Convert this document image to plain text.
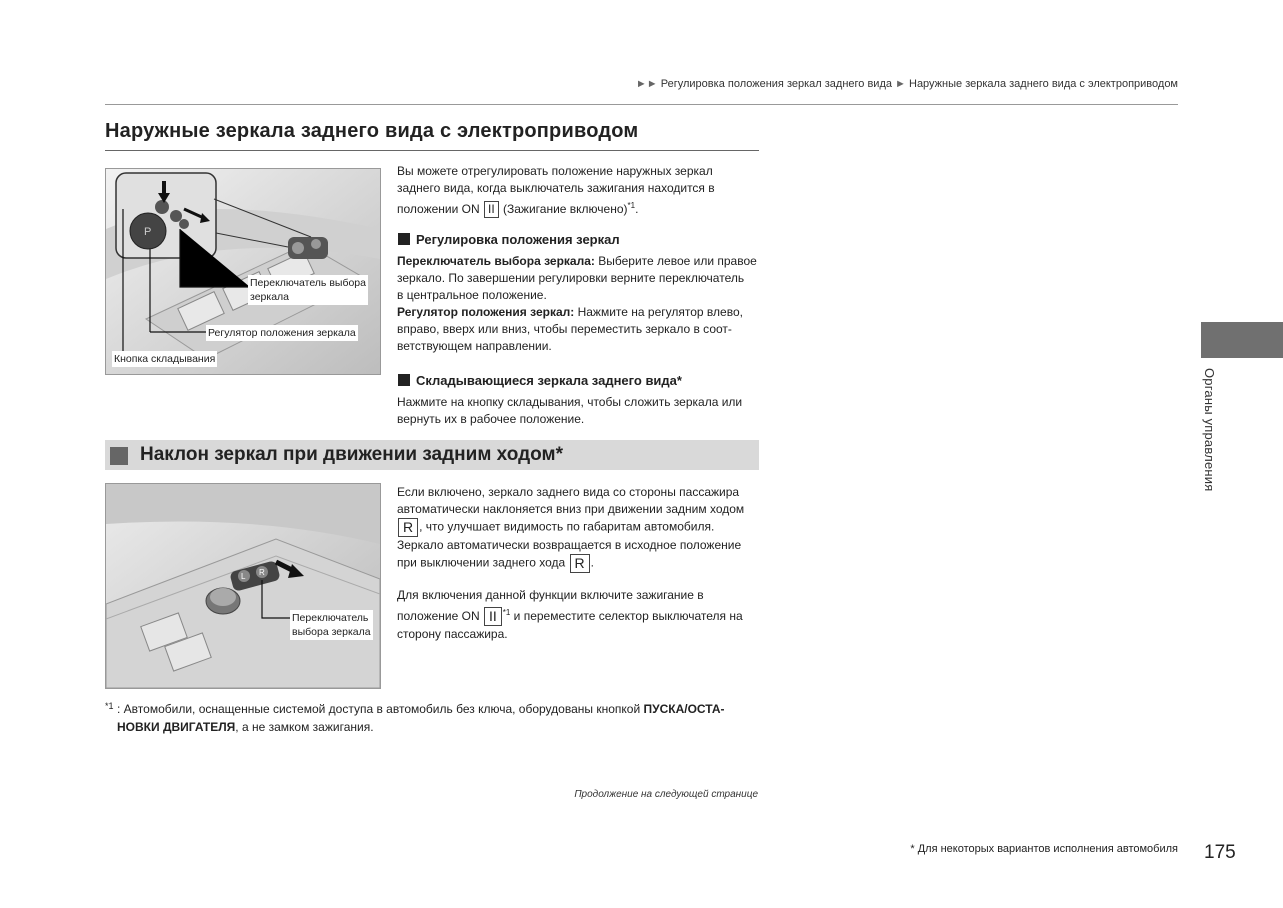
►► Регулировка положения зеркал заднего вида ► Наружные зеркала заднего вида с электроприводом
Наружные зеркала заднего вида с электроприводом
P
Переключатель выбора
зеркала
Регулятор положения зеркала
Кнопка складывания
Вы можете отрегулировать положение наружных зеркал
заднего вида, когда выключатель зажигания находится в
положении ON II (Зажигание включено)$^{*1}$.
Регулировка положения зеркал
Переключатель выбора зеркала: Выберите левое или правое
зеркало. По завершении регулировки верните переключатель
в центральное положение.
Регулятор положения зеркал: Нажмите на регулятор влево,
вправо, вверх или вниз, чтобы переместить зеркало в соот-
ветствующем направлении.
Складывающиеся зеркала заднего вида*
Нажмите на кнопку складывания, чтобы сложить зеркала или
вернуть их в рабочее положение.
Наклон зеркал при движении задним ходом*
L R
Переключатель
выбора зеркала
Если включено, зеркало заднего вида со стороны пассажира
автоматически наклоняется вниз при движении задним ходом
R , что улучшает видимость по габаритам автомобиля.
Зеркало автоматически возвращается в исходное положение
при выключении заднего хода R .
Для включения данной функции включите зажигание в
положение ON II $^{*1}$ и переместите селектор выключателя на
сторону пассажира.
*1 : Автомобили, оснащенные системой доступа в автомобиль без ключа, оборудованы кнопкой ПУСКА/ОСТА-
НОВКИ ДВИГАТЕЛЯ, а не замком зажигания.
Продолжение на следующей странице
Органы управления
* Для некоторых вариантов исполнения автомобиля 175
